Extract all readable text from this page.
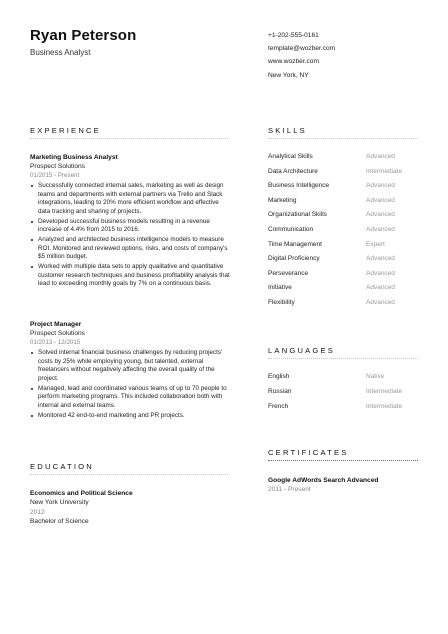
Ryan Peterson
Business Analyst
+1-202-555-0161
template@wozber.com
www.wozber.com
New York, NY
EXPERIENCE
Marketing Business Analyst
Prospect Solutions
01/2015 - Present
Successfully connected internal sales, marketing as well as design teams and departments with external partners via Trello and Slack integrations, leading to 20% more efficient workflow and effective data tracking and sharing of projects.
Developed successful business models resulting in a revenue increase of 4.4% from 2015 to 2016.
Analyzed and architected business intelligence models to measure ROI. Monitored and reviewed options, risks, and costs of company's $5 million budget.
Worked with multiple data sets to apply qualitative and quantitative customer research techniques and business profitability analysis that lead to exceeding monthly goals by 7% on a continuous basis.
Project Manager
Prospect Solutions
01/2013 - 12/2015
Solved internal financial business challenges by reducing projects' costs by 25% while employing young, but talented, external freelancers without negatively affecting the overall quality of the project.
Managed, lead and coordinated various teams of up to 70 people to perform marketing programs. This included collaboration both with internal and external teams.
Monitored 42 end-to-end marketing and PR projects.
SKILLS
Analytical Skills	Advanced
Data Architecture	Intermediate
Business Intelligence	Advanced
Marketing	Advanced
Organizational Skills	Advanced
Communication	Advanced
Time Management	Expert
Digital Proficiency	Advanced
Perseverance	Advanced
Initiative	Advanced
Flexibility	Advanced
LANGUAGES
English	Native
Russian	Intermediate
French	Intermediate
CERTIFICATES
Google AdWords Search Advanced
2011 - Present
EDUCATION
Economics and Political Science
New York University
2012
Bachelor of Science
